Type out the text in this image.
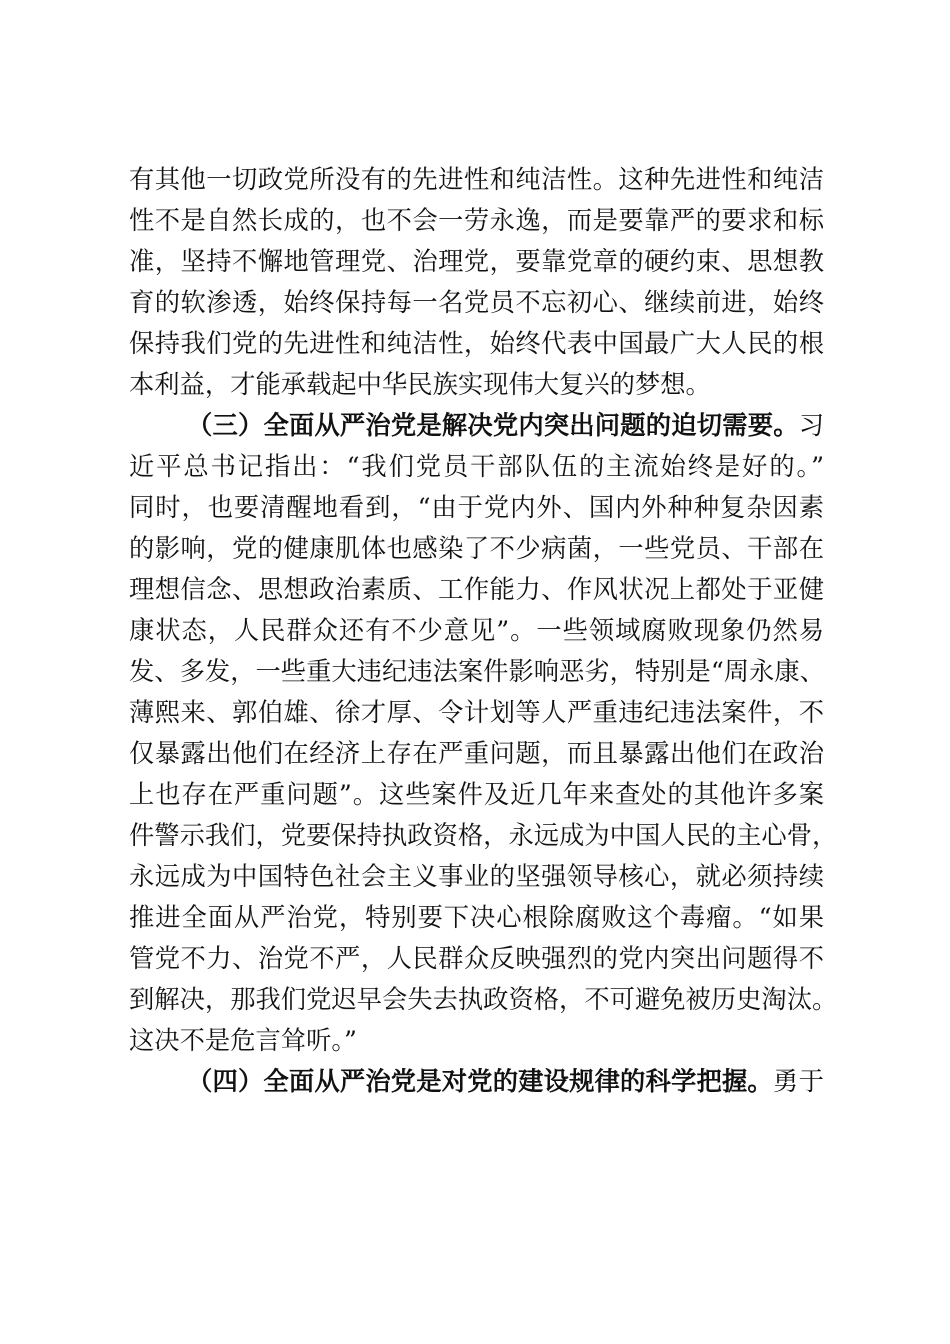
有其他一切政党所没有的先进性和纯洁性。这种先进性和纯洁
性不是自然长成的，也不会一劳永逸，而是要靠严的要求和标
准，坚持不懈地管理党、治理党，要靠党章的硬约束、思想教
育的软渗透，始终保持每一名党员不忘初心、继续前进，始终
保持我们党的先进性和纯洁性，始终代表中国最广大人民的根
本利益，才能承载起中华民族实现伟大复兴的梦想。
（三）全面从严治党是解决党内突出问题的迫切需要。习
近平总书记指出：“我们党员干部队伍的主流始终是好的。”
同时，也要清醒地看到，“由于党内外、国内外种种复杂因素
的影响，党的健康肌体也感染了不少病菌，一些党员、干部在
理想信念、思想政治素质、工作能力、作风状况上都处于亚健
康状态，人民群众还有不少意见”。一些领域腐败现象仍然易
发、多发，一些重大违纪违法案件影响恶劣，特别是“周永康、
薄熙来、郭伯雄、徐才厚、令计划等人严重违纪违法案件，不
仅暴露出他们在经济上存在严重问题，而且暴露出他们在政治
上也存在严重问题”。这些案件及近几年来查处的其他许多案
件警示我们，党要保持执政资格，永远成为中国人民的主心骨，
永远成为中国特色社会主义事业的坚强领导核心，就必须持续
推进全面从严治党，特别要下决心根除腐败这个毒瘤。“如果
管党不力、治党不严，人民群众反映强烈的党内突出问题得不
到解决，那我们党迟早会失去执政资格，不可避免被历史淘汰。
这决不是危言耸听。”
（四）全面从严治党是对党的建设规律的科学把握。勇于
